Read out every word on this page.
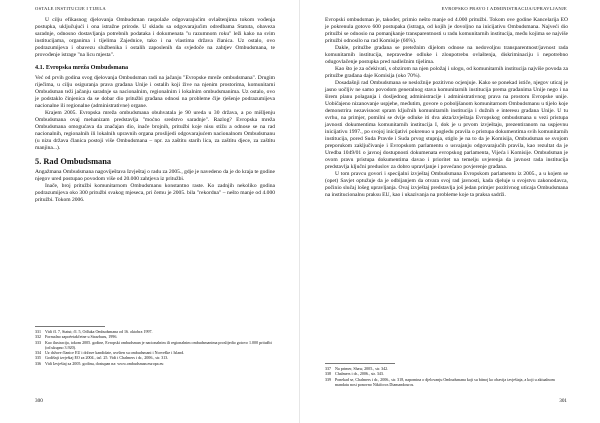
OSTALE INSTITUCIJE I TIJELA

U cilju efikasnog djelovanja Ombudsman raspolaže odgovarajućim ovlaštenjima tokom vođenja postupka, uključujući i ona istražne prirode. U skladu sa odgovarajućim odredbama Statuta, obaveza saradnje, odnosno dostavljanja potrebnih podataka i dokumenata "u razumnom roku" leži kako na svim institucijama, organima i tijelima Zajednice, tako i na vlastima država članica. Uz ostalo, ovo podrazumijeva i obavezu službenika i ostalih zaposlenih da svjedoče na zahtjev Ombudsmana, te provođenje istrage "na licu mjesta".

4.1. Evropska mreža Ombudsmana

Već od prvih godina svog djelovanja Ombudsman radi na jačanju "Evropske mreže ombudsmana". Drugim riječima, u cilju osiguranja prava građana Unije i ostalih koji žive na njenim prostorima, komunitarni Ombudsman teži jačanju saradnje sa nacionalnim, regionalnim i lokalnim ombudsmanima. Uz ostalo, ovo je podstaklo činjenica da se dobar dio pritužbi građana odnosi na probleme čije rješenje podrazumijeva nacionalne ili regionalne (administrativne) organe.

Krajem 2005. Evropska mreža ombudsmana obuhvatala je 90 ureda u 30 država, a po mišljenju Ombudsmana ovaj mehanizam predstavlja "moćno sredstvo saradnje". Razlog? Evropska mreža Ombudsmana omogućava da značajan dio, inače brojnih, pritužbi koje nisu stižu a odnose se na rad nacionalnih, regionalnih ili lokalnih upravnih organa proslijedi odgovarajućem nacionalnom Ombudsmanu (u nizu država članica postoji više Ombudsmana – npr. za zaštitu starih lica, za zaštitu djece, za zaštitu manjina...).

5. Rad Ombudsmana

Angažmana Ombudsmana nagoviještava Izvještaj o radu za 2005., gdje je navedeno da je do kraja te godine njegov ured postupao povodom više od 20.000 zahtjeva iz pritužbi.

Inače, broj pritužbi komunitarnom Ombudsmanu konstantno raste. Ko zadnjih nekoliko godina podrazumijeva oko 300 pritužbi svakog mjeseca, pri čemu je 2005. bila "rekordna" – nešto manje od 4.000 pritužbi. Tokom 2006.

331 Vidi čl. 7, Statut; čl. 5, Odluka Ombudsmana od 16. oktobra 1997.
332 Formalno zapoèetakčetne u Strazburu, 1996.
333 Kao ilustracija, tokom 2005. godine, Evropski ombudsman je nacionalnim ili regionalnim ombudsmanima proslijedio gotovo 1.000 pritužbi (od ukupno 3.920).
334 Uz države članice EU i države kandidate, uvršten su ombudsmani i Norveške i Island.
335 Godišnji izvještaj EO za 2004., tač. 25. Vidi i Chalmers i dr., 2006., str. 313.
336 Vidi Izvještaj za 2005. godinu, dostupan na: www.ombudsman.europa.eu
300
EVROPSKO PRAVO I ADMINISTRACIJA/UPRAVLJANJE

Evropski ombudsman je, također, primio nešto manje od 4.000 pritužbi. Tokom ove godine Kancelarija EO je pokrenula gotovo 600 postupaka (istraga, od kojih je dovoljno na inicijativu Ombudsmana. Najveći dio pritužbi se odnosio na pomanjkanje transparentnosti u radu komunitarnih institucija, među kojima se najviše pritužbi odnosilo na rad Komisije (66%).

Dakle, pritužbe građana se pretežnim dijelom odnose na nedovoljnu transparentnost/javnost rada komunitarnih institucija, nepravedne odluke i zloupotrebu ovlaštenja, diskriminaciju i nepotrebno odugovlačenje postupka pred nadležnim tijelima.

Kao što je za očekivati, s obzirom na njen položaj i ulogu, od komunitarnih institucija najviše povoda za pritužbe građana daje Komisija (oko 70%).

Dosadašnji rad Ombudsmana se nesložnije pozitivno ocjenjuje. Kako se ponekad ističe, njegov uticaj je jasno uočljiv ne samo povodom generalnog stava komunitarnih institucija prema građanima Unije nego i na širem planu polaganja i dosljednog administracije i administrativnog prava na prostoru Evropske unije. Uobičajeno nizanovanje uspjehe, međutim, govore o poboljšanom komunitarnom Ombudsmanu u tijelo koje demonstrira nezavisnost spram ključnih komunitarnih institucija i dužnih e interesu građana Unije. U tu svrhu, na primjer, pomilni se dvije odluke iti dva akta/izvještaja Evropskog ombudsmana u vezi pristupa javnosti dokumentima komunitarnih institucija I, dok je u prvom izvještaju, prezentiranom na uspjevnu inicijativu 1997., po svojoj inicijativi pokrenuo u pogledu pravila o pristupa dokumentima svih komunitarnih institucija, pored Suda Pravde i Suda prvog stupnja, stiglo je na to da je Komisija, Ombudsman se svojom preporukom zaključivanje i Evropskom parlamentu o usvajanju odgovarajućih pravila, kao rezultat da je Uredba 1049/01 o javnoj dostupnosti dokumenata evropskog parlamenta, Vijeća i Komisije. Ombudsman je ovom pravu pristupa dokumentima davao i prioritet na temelju uvjerenja da javnost rada institucija predstavlja ključni preduslov za dobro upravljanje i povećano povjerenje građana.

U tom pravcu govori i specijalni izvještaj Ombudsmana Evropskom parlamentu iz 2005., a u kojem se (opet) Savjet optužuje da je odbijanjem da otvara svoj rad javnosti, kada djeluje u svojstvu zakonodavca, počinio slučaj lošeg upravljanja. Ovaj izvještaj predstavlja još jedan primjer pozitivnog uticaja Ombudsmana na institucionalnu praksu EU, kao i ukazivanja na probleme koje ta praksa sadrži.

337 Na primer, Shaw, 2005., str. 342.
338 Chalmers i dr., 2006., str. 343.
339 Ponekad se, Chalmers i dr., 2006., str. 318, napomina o djelovanju Ombudsmana koji su bitnoj ko obavija izvještaja, a koji u aktualnom mandatu nosi ponovno Nikiforos Diamandouros.
301
